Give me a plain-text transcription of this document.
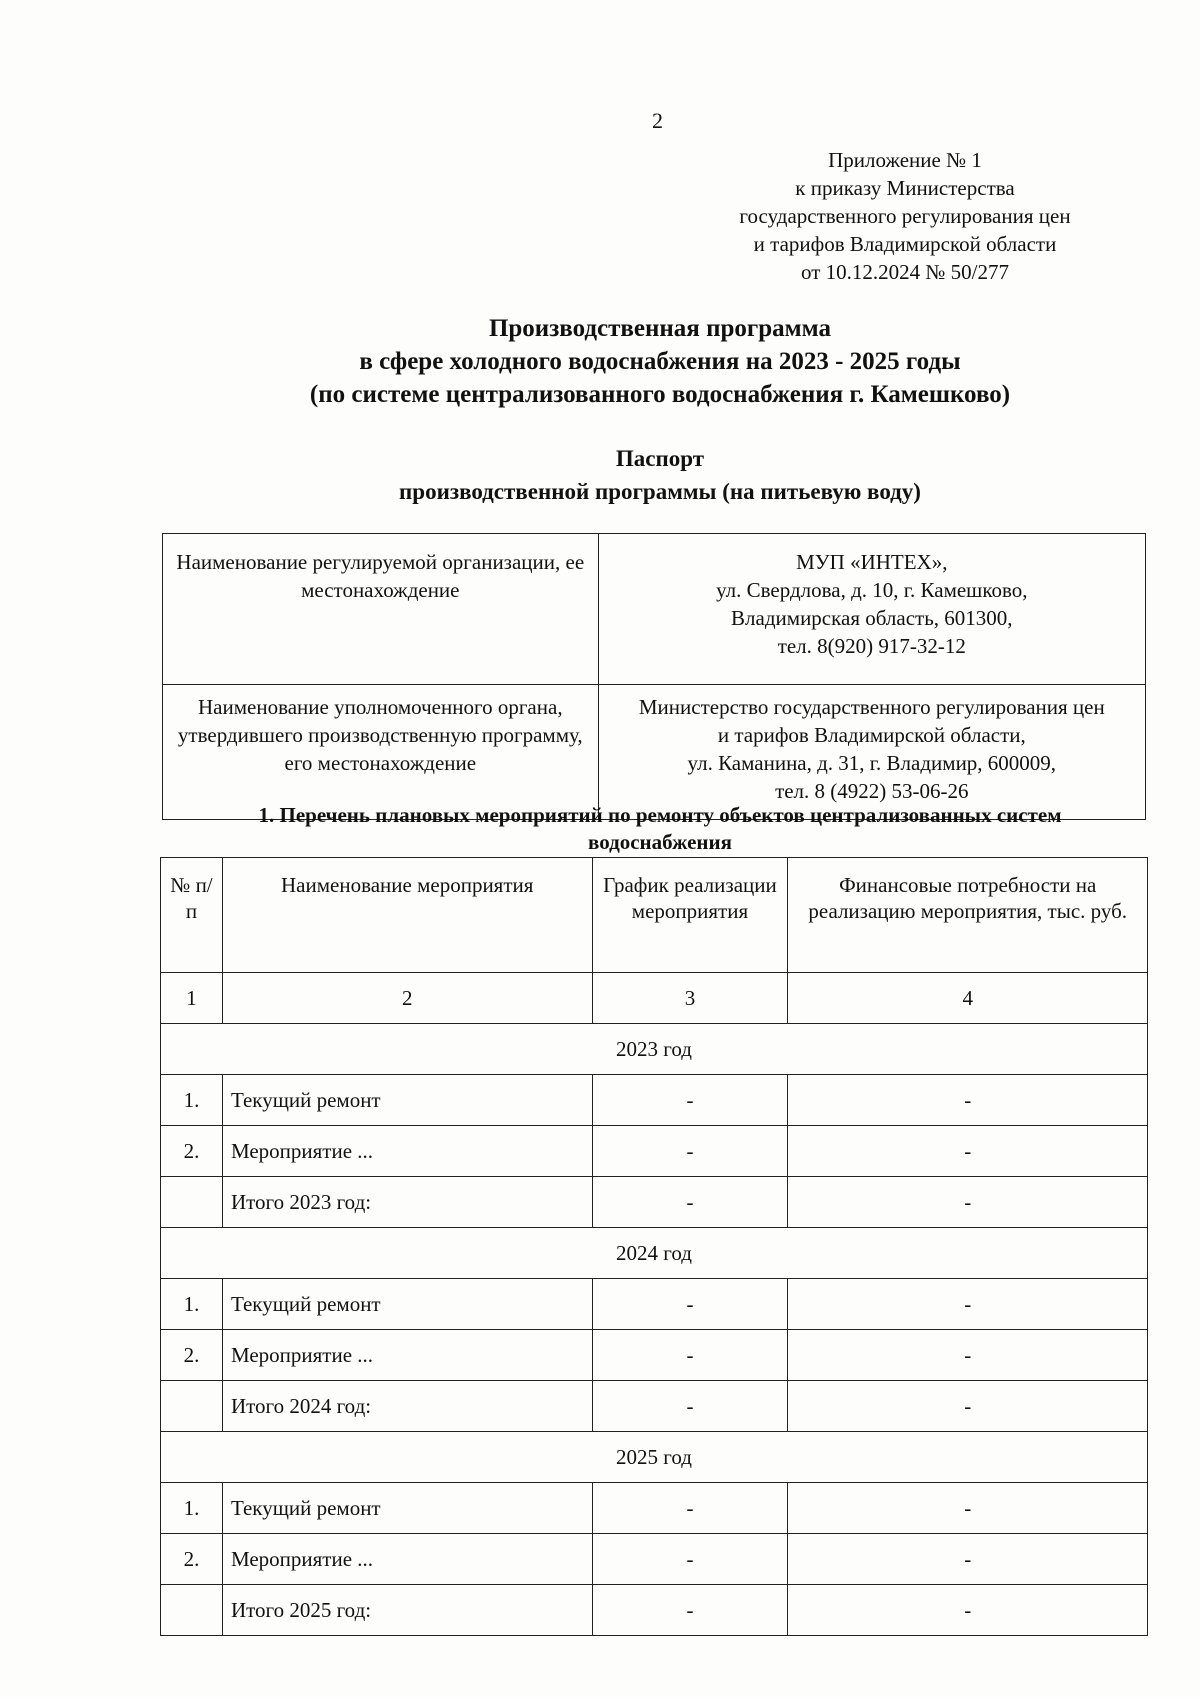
2
Приложение № 1
к приказу Министерства
государственного регулирования цен
и тарифов Владимирской области
от 10.12.2024 № 50/277
Производственная программа
в сфере холодного водоснабжения на 2023 - 2025 годы
(по системе централизованного водоснабжения г. Камешково)
Паспорт
производственной программы (на питьевую воду)
Наименование регулируемой организации, ее местонахождение	МУП «ИНТЕХ»,
ул. Свердлова, д. 10, г. Камешково,
Владимирская область, 601300,
тел. 8(920) 917-32-12

Наименование уполномоченного органа, утвердившего производственную программу, его местонахождение	Министерство государственного регулирования цен
и тарифов Владимирской области,
ул. Каманина, д. 31, г. Владимир, 600009,
тел. 8 (4922) 53-06-26
1. Перечень плановых мероприятий по ремонту объектов централизованных систем
водоснабжения
№ п/п	Наименование мероприятия	График реализации мероприятия	Финансовые потребности на реализацию мероприятия, тыс. руб.
1	2	3	4
2023 год			
1.	Текущий ремонт	-	-
2.	Мероприятие ...	-	-
	Итого 2023 год:	-	-
2024 год			
1.	Текущий ремонт	-	-
2.	Мероприятие ...	-	-
	Итого 2024 год:	-	-
2025 год			
1.	Текущий ремонт	-	-
2.	Мероприятие ...	-	-
	Итого 2025 год:	-	-
